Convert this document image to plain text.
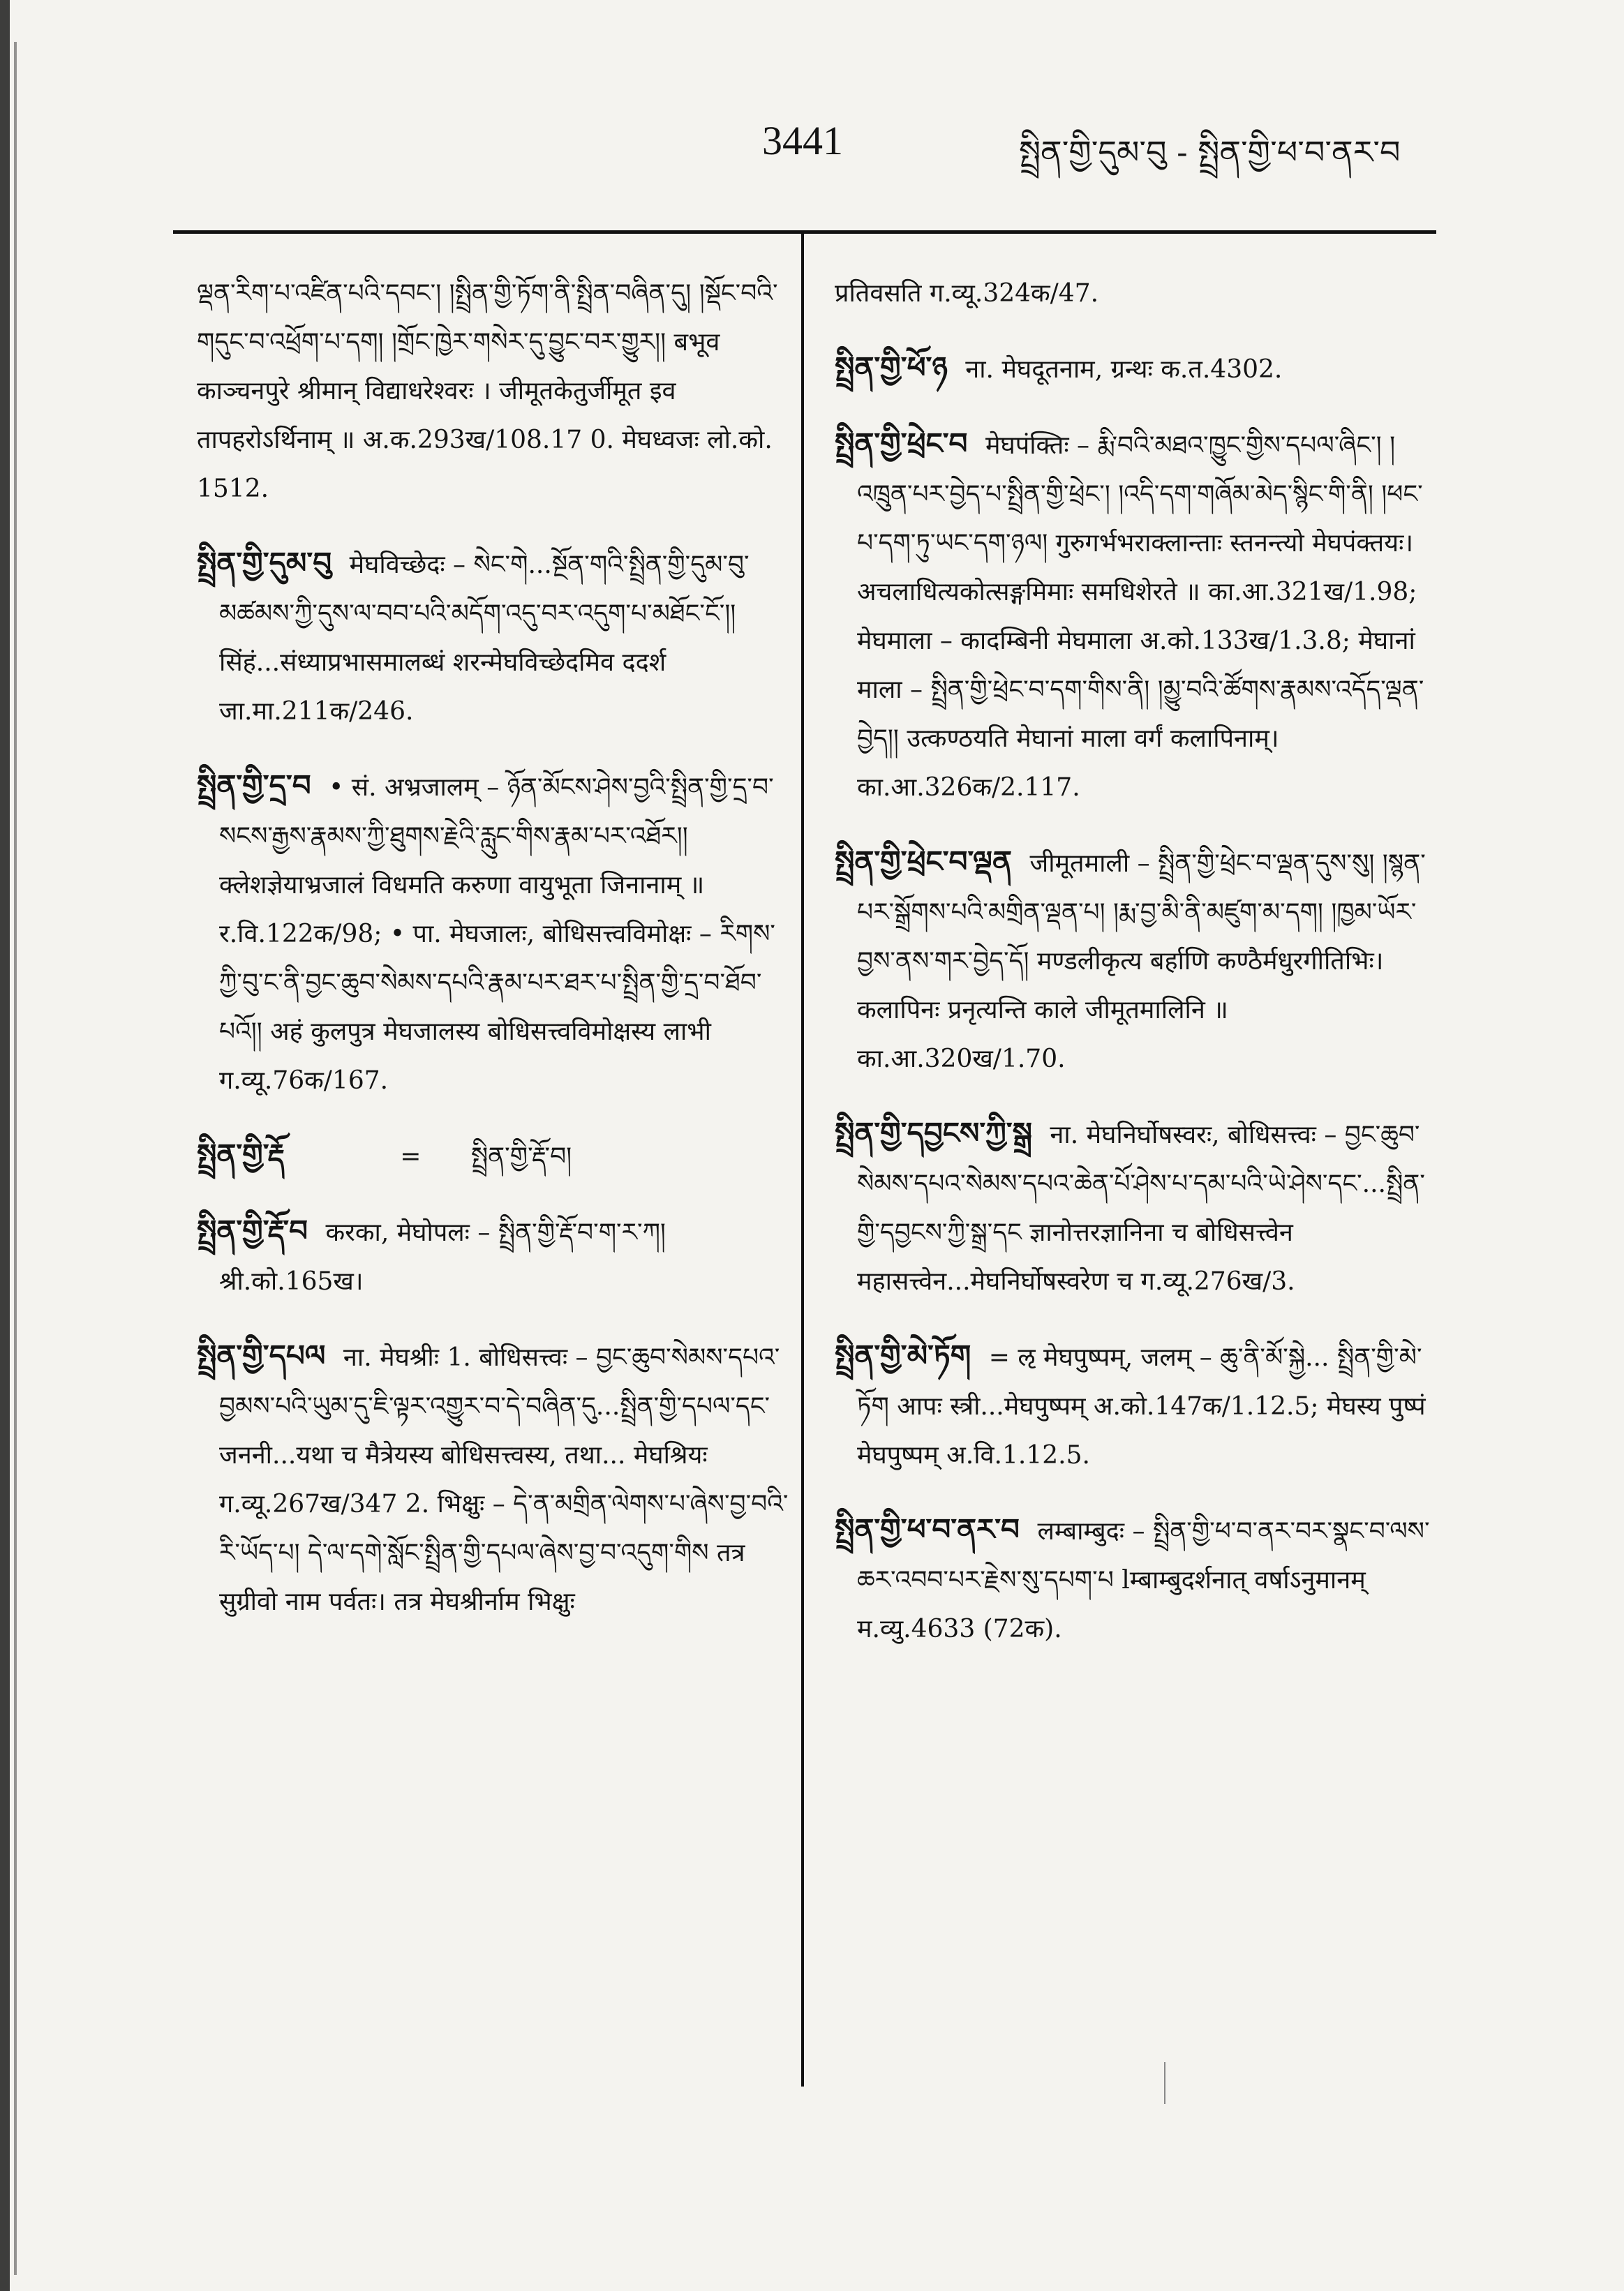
3441	སྤྲིན་གྱི་དུམ་བུ - སྤྲིན་གྱི་ཕ་བ་ནར་བ

ལྡན་རིག་པ་འཛིན་པའི་དབང་། །སྤྲིན་གྱི་ཏོག་ནི་སྤྲིན་བཞིན་དུ། །སྡོང་བའི་གདུང་བ་འཕྲོག་པ་དག། །གྲོང་ཁྱེར་གསེར་དུ་བྱུང་བར་གྱུར།། बभूव काञ्चनपुरे श्रीमान् विद्याधरेश्वरः । जीमूतकेतुर्जीमूत इव तापहरोऽर्थिनाम् ॥ अ.क.293ख/108.17 0. मेघध्वजः लो.को. 1512.

སྤྲིན་གྱི་དུམ་བུ मेघविच्छेदः – སེང་གེ...སྔོན་གའི་སྤྲིན་གྱི་དུམ་བུ་མཚམས་ཀྱི་དུས་ལ་བབ་པའི་མདོག་འདུ་བར་འདུག་པ་མཐོང་ངོ་།། सिंहं...संध्याप्रभासमालब्धं शरन्मेघविच्छेदमिव ददर्श जा.मा.211क/246.

སྤྲིན་གྱི་དྲ་བ • सं. अभ्रजालम् – ཉོན་མོངས་ཤེས་བྱའི་སྤྲིན་གྱི་དྲ་བ་སངས་རྒྱས་རྣམས་ཀྱི་ཐུགས་རྗེའི་རླུང་གིས་རྣམ་པར་འཐོར།། क्लेशज्ञेयाभ्रजालं विधमति करुणा वायुभूता जिनानाम् ॥ र.वि.122क/98; • पा. मेघजालः, बोधिसत्त्वविमोक्षः – རིགས་ཀྱི་བུ་ང་ནི་བྱང་ཆུབ་སེམས་དཔའི་རྣམ་པར་ཐར་པ་སྤྲིན་གྱི་དྲ་བ་ཐོབ་པའོ།། अहं कुलपुत्र मेघजालस्य बोधिसत्त्वविमोक्षस्य लाभी ग.व्यू.76क/167.

སྤྲིན་གྱི་རྡོ	= སྤྲིན་གྱི་རྡོ་བ།

སྤྲིན་གྱི་རྡོ་བ करका, मेघोपलः – སྤྲིན་གྱི་རྡོ་བ་ག་ར་ཀ། श्री.को.165ख।

སྤྲིན་གྱི་དཔལ ना. मेघश्रीः 1. बोधिसत्त्वः – བྱང་ཆུབ་སེམས་དཔའ་བྱམས་པའི་ཡུམ་དུ་ཇི་ལྟར་འགྱུར་བ་དེ་བཞིན་དུ...སྤྲིན་གྱི་དཔལ་དང་ जननी...यथा च मैत्रेयस्य बोधिसत्त्वस्य, तथा... मेघश्रियः ग.व्यू.267ख/347 2. भिक्षुः – དེ་ན་མགྲིན་ལེགས་པ་ཞེས་བྱ་བའི་རི་ཡོད་པ། དེ་ལ་དགེ་སློང་སྤྲིན་གྱི་དཔལ་ཞེས་བྱ་བ་འདུག་གིས तत्र सुग्रीवो नाम पर्वतः। तत्र मेघश्रीर्नाम भिक्षुः

प्रतिवसति ग.व्यू.324क/47.

སྤྲིན་གྱི་ཕོ་ཉ ना. मेघदूतनाम, ग्रन्थः क.त.4302.

སྤྲིན་གྱི་ཕྲེང་བ मेघपंक्तिः – རྨི་བའི་མཐའ་ཁྱུང་གྱིས་དཔལ་ཞིང་། །འཁྲུན་པར་བྱེད་པ་སྤྲིན་གྱི་ཕྲེང་། །འདི་དག་གཞོམ་མེད་སྙིང་གི་ནི། །ཕང་པ་དག་ཏུ་ཡང་དག་ཉལ། गुरुगर्भभराक्लान्ताः स्तनन्त्यो मेघपंक्तयः। अचलाधित्यकोत्सङ्गमिमाः समधिशेरते ॥ का.आ.321ख/1.98; मेघमाला – कादम्बिनी मेघमाला अ.को.133ख/1.3.8; मेघानां माला – སྤྲིན་གྱི་ཕྲེང་བ་དག་གིས་ནི། །མྱུ་བའི་ཚོགས་རྣམས་འདོད་ལྡན་བྱེད།། उत्कण्ठयति मेघानां माला वर्गं कलापिनाम्। का.आ.326क/2.117.

སྤྲིན་གྱི་ཕྲེང་བ་ལྡན जीमूतमाली – སྤྲིན་གྱི་ཕྲེང་བ་ལྡན་དུས་སུ། །སྙན་པར་སྒྲོགས་པའི་མགྲིན་ལྡན་པ། །རྨ་བྱ་མི་ནི་མཛུག་མ་དག། །ཁྱམ་ཡོར་བྱས་ནས་གར་བྱེད་དོ། मण्डलीकृत्य बर्हाणि कण्ठैर्मधुरगीतिभिः। कलापिनः प्रनृत्यन्ति काले जीमूतमालिनि ॥ का.आ.320ख/1.70.

སྤྲིན་གྱི་དབྱངས་ཀྱི་སྒྲ ना. मेघनिर्घोषस्वरः, बोधिसत्त्वः – བྱང་ཆུབ་སེམས་དཔའ་སེམས་དཔའ་ཆེན་པོ་ཤེས་པ་དམ་པའི་ཡེ་ཤེས་དང་...སྤྲིན་གྱི་དབྱངས་ཀྱི་སྒྲ་དང ज्ञानोत्तरज्ञानिना च बोधिसत्त्वेन महासत्त्वेन...मेघनिर्घोषस्वरेण च ग.व्यू.276ख/3.

སྤྲིན་གྱི་མེ་ཏོག = ऌ मेघपुष्पम्, जलम् – ཆུ་ནི་མོ་སྐྱེ... སྤྲིན་གྱི་མེ་ཏོག आपः स्त्री...मेघपुष्पम् अ.को.147क/1.12.5; मेघस्य पुष्पं मेघपुष्पम् अ.वि.1.12.5.

སྤྲིན་གྱི་ཕ་བ་ནར་བ लम्बाम्बुदः – སྤྲིན་གྱི་ཕ་བ་ནར་བར་སྣང་བ་ལས་ཆར་འབབ་པར་རྗེས་སུ་དཔག་པ lम्बाम्बुदर्शनात् वर्षाऽनुमानम् म.व्यु.4633 (72क).
